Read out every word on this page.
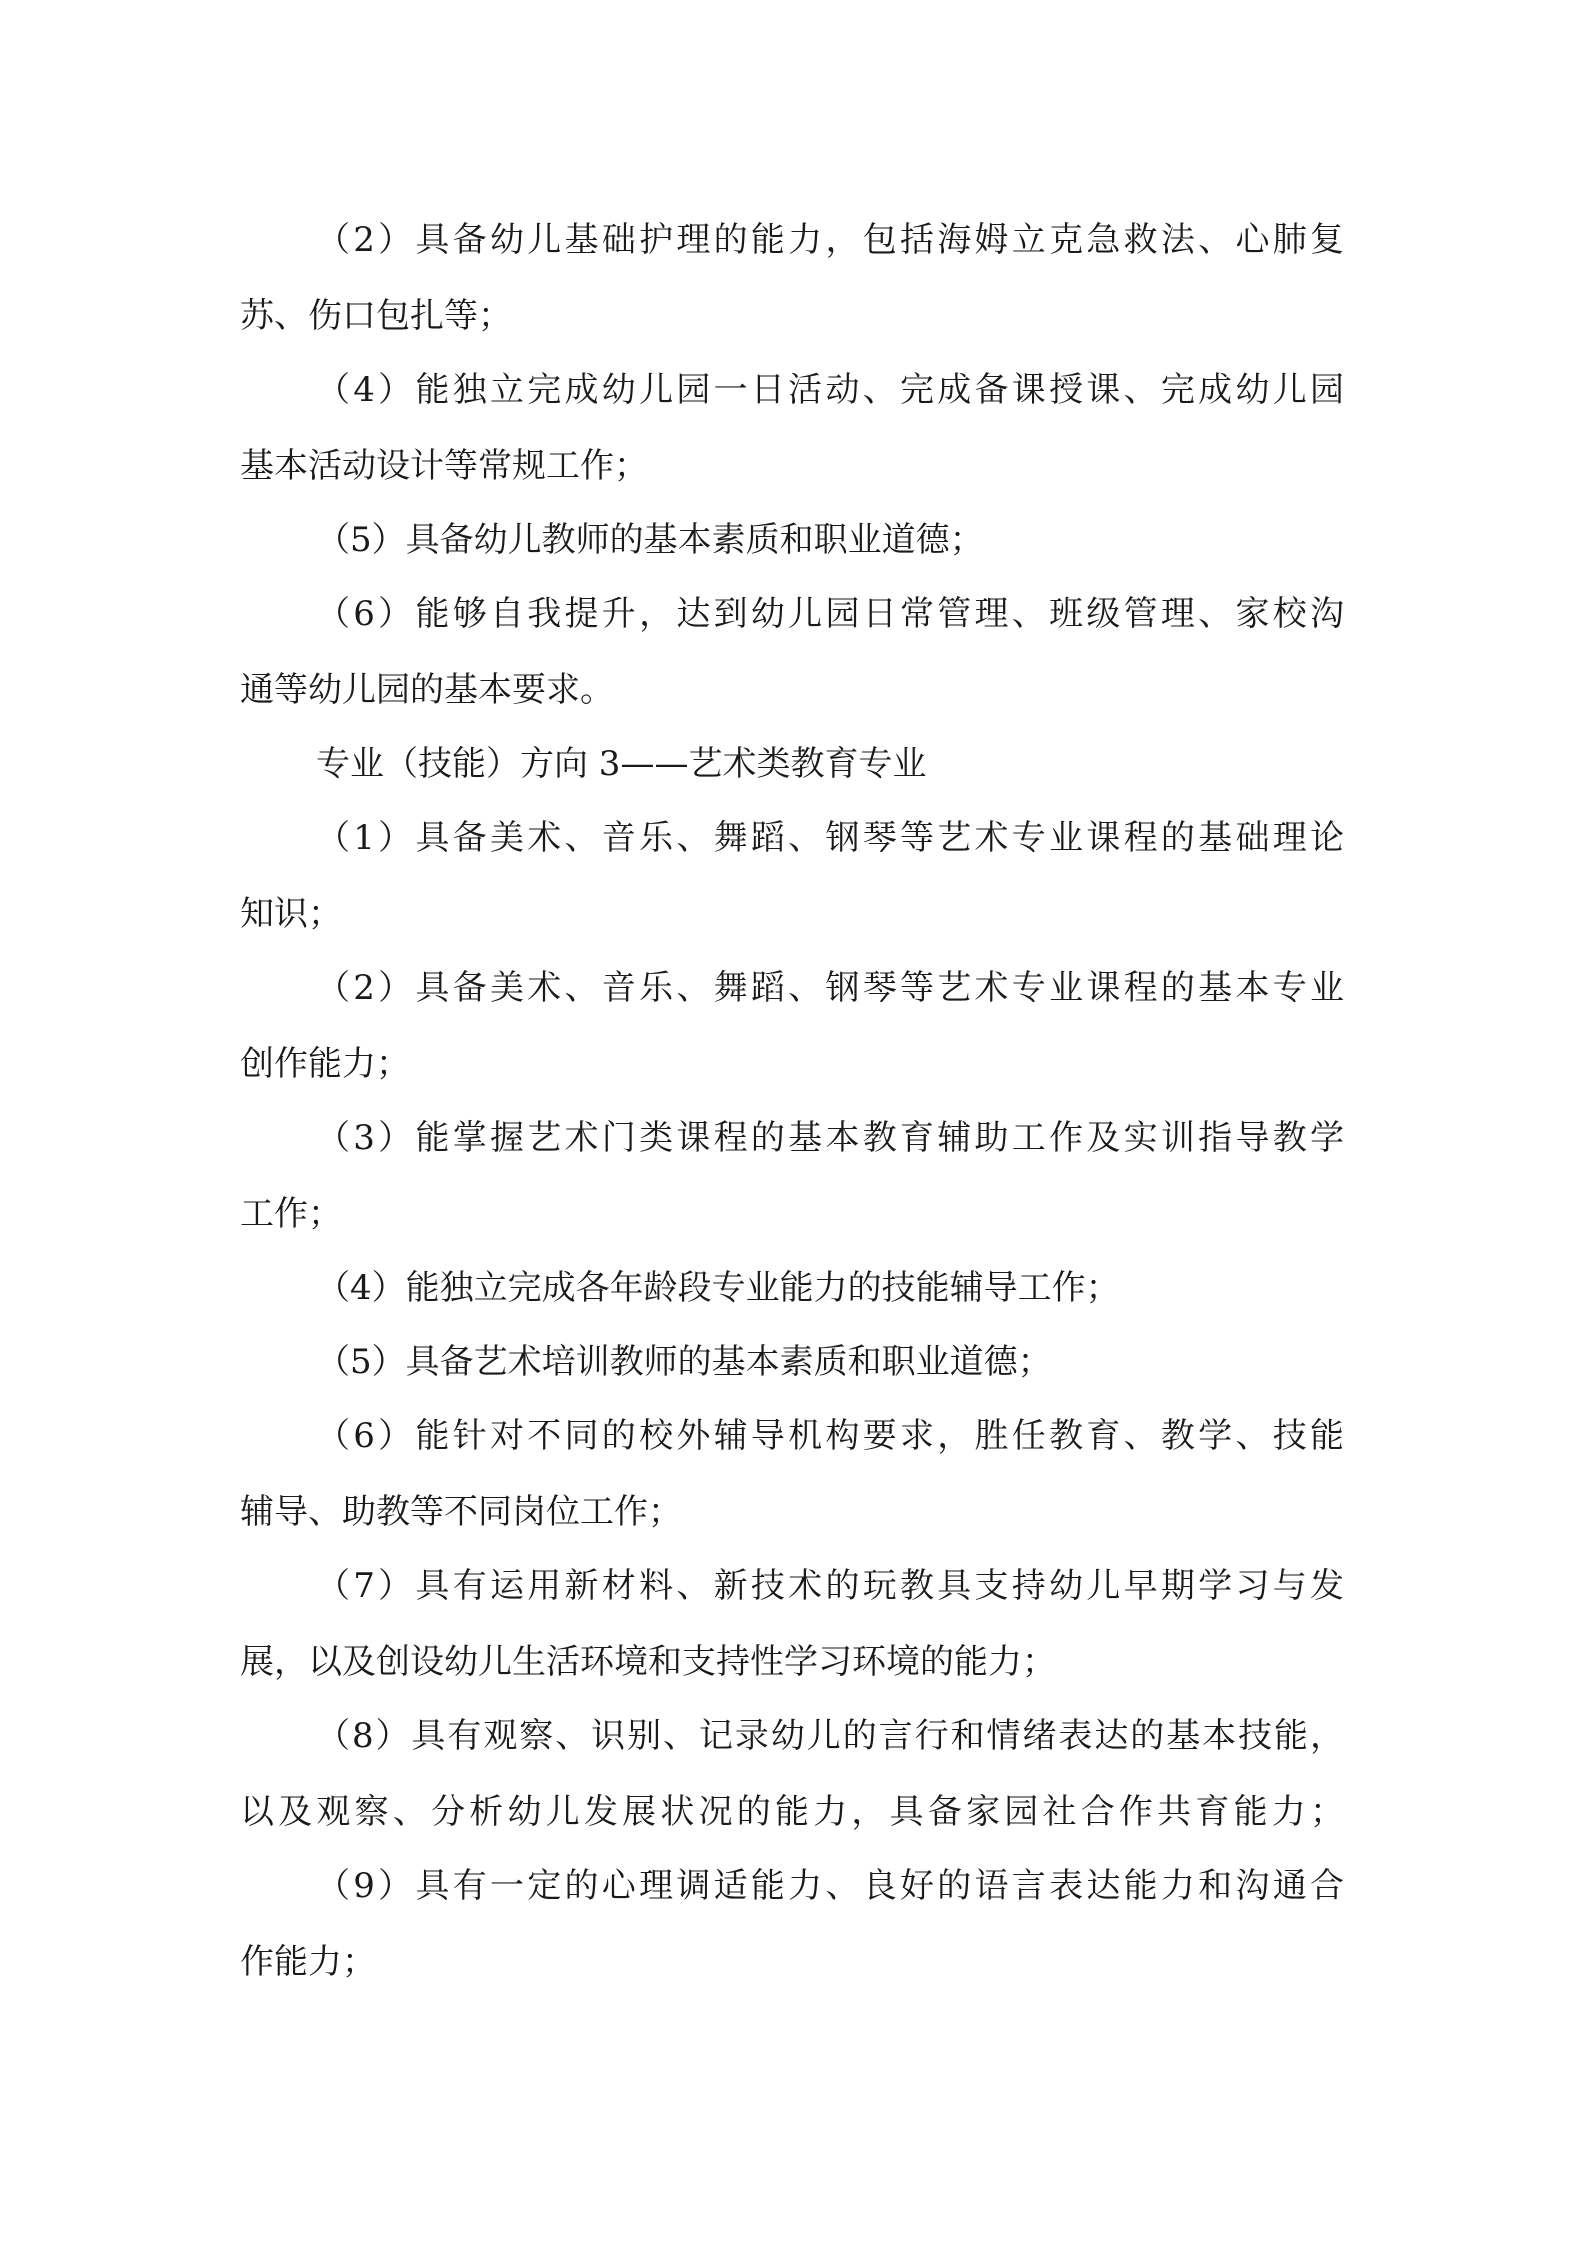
（2）具备幼儿基础护理的能力，包括海姆立克急救法、心肺复
苏、伤口包扎等；
（4）能独立完成幼儿园一日活动、完成备课授课、完成幼儿园
基本活动设计等常规工作；
（5）具备幼儿教师的基本素质和职业道德；
（6）能够自我提升，达到幼儿园日常管理、班级管理、家校沟
通等幼儿园的基本要求。
专业（技能）方向 3——艺术类教育专业
（1）具备美术、音乐、舞蹈、钢琴等艺术专业课程的基础理论
知识；
（2）具备美术、音乐、舞蹈、钢琴等艺术专业课程的基本专业
创作能力；
（3）能掌握艺术门类课程的基本教育辅助工作及实训指导教学
工作；
（4）能独立完成各年龄段专业能力的技能辅导工作；
（5）具备艺术培训教师的基本素质和职业道德；
（6）能针对不同的校外辅导机构要求，胜任教育、教学、技能
辅导、助教等不同岗位工作；
（7）具有运用新材料、新技术的玩教具支持幼儿早期学习与发
展，以及创设幼儿生活环境和支持性学习环境的能力；
（8）具有观察、识别、记录幼儿的言行和情绪表达的基本技能，
以及观察、分析幼儿发展状况的能力，具备家园社合作共育能力；
（9）具有一定的心理调适能力、良好的语言表达能力和沟通合
作能力；
